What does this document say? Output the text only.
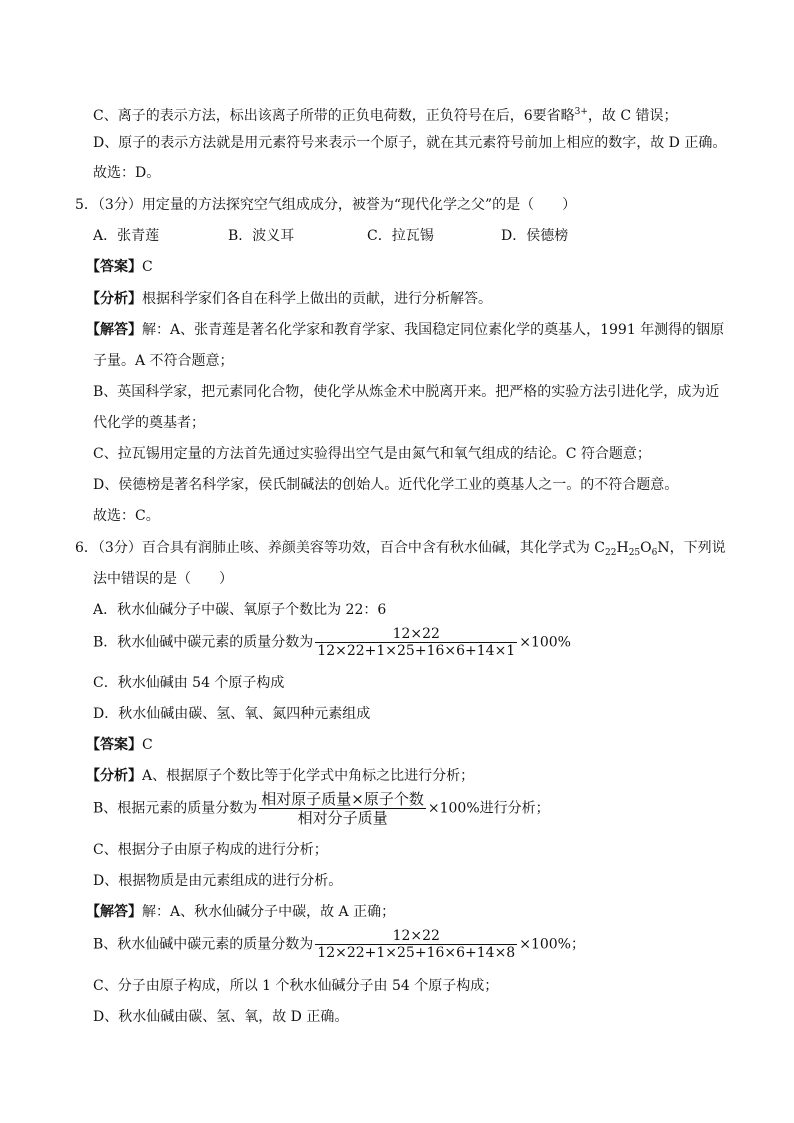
C、离子的表示方法，标出该离子所带的正负电荷数，正负符号在后，6要省略$^{3+}$，故 C 错误；
D、原子的表示方法就是用元素符号来表示一个原子，就在其元素符号前加上相应的数字，故 D 正确。
故选：D。
5．（3分）用定量的方法探究空气组成成分，被誉为“现代化学之父”的是（　　）
A．张青莲	B．波义耳	C．拉瓦锡	D．侯德榜
【答案】C
【分析】根据科学家们各自在科学上做出的贡献，进行分析解答。
【解答】解：A、张青莲是著名化学家和教育学家、我国稳定同位素化学的奠基人，1991 年测得的铟原
子量。A 不符合题意；
B、英国科学家，把元素同化合物，使化学从炼金术中脱离开来。把严格的实验方法引进化学，成为近
代化学的奠基者；
C、拉瓦锡用定量的方法首先通过实验得出空气是由氮气和氧气组成的结论。C 符合题意；
D、侯德榜是著名科学家，侯氏制碱法的创始人。近代化学工业的奠基人之一。的不符合题意。
故选：C。
6．（3分）百合具有润肺止咳、养颜美容等功效，百合中含有秋水仙碱，其化学式为 $C_{22}H_{25}O_6N$，下列说
法中错误的是（　　）
A．秋水仙碱分子中碳、氧原子个数比为 22：6
B．秋水仙碱中碳元素的质量分数为 $\frac{12\times 22}{12\times 22+1\times 25+16\times 6+14\times 1} \times 100\%$
C．秋水仙碱由 54 个原子构成
D．秋水仙碱由碳、氢、氧、氮四种元素组成
【答案】C
【分析】A、根据原子个数比等于化学式中角标之比进行分析；
B、根据元素的质量分数为 $\frac{\text{相对原子质量×原子个数}}{\text{相对分子质量}} \times 100\%$进行分析；
C、根据分子由原子构成的进行分析；
D、根据物质是由元素组成的进行分析。
【解答】解：A、秋水仙碱分子中碳，故 A 正确；
B、秋水仙碱中碳元素的质量分数为 $\frac{12\times 22}{12\times 22+1\times 25+16\times 6+14\times 8} \times 100\%$；
C、分子由原子构成，所以 1 个秋水仙碱分子由 54 个原子构成；
D、秋水仙碱由碳、氢、氧，故 D 正确。
